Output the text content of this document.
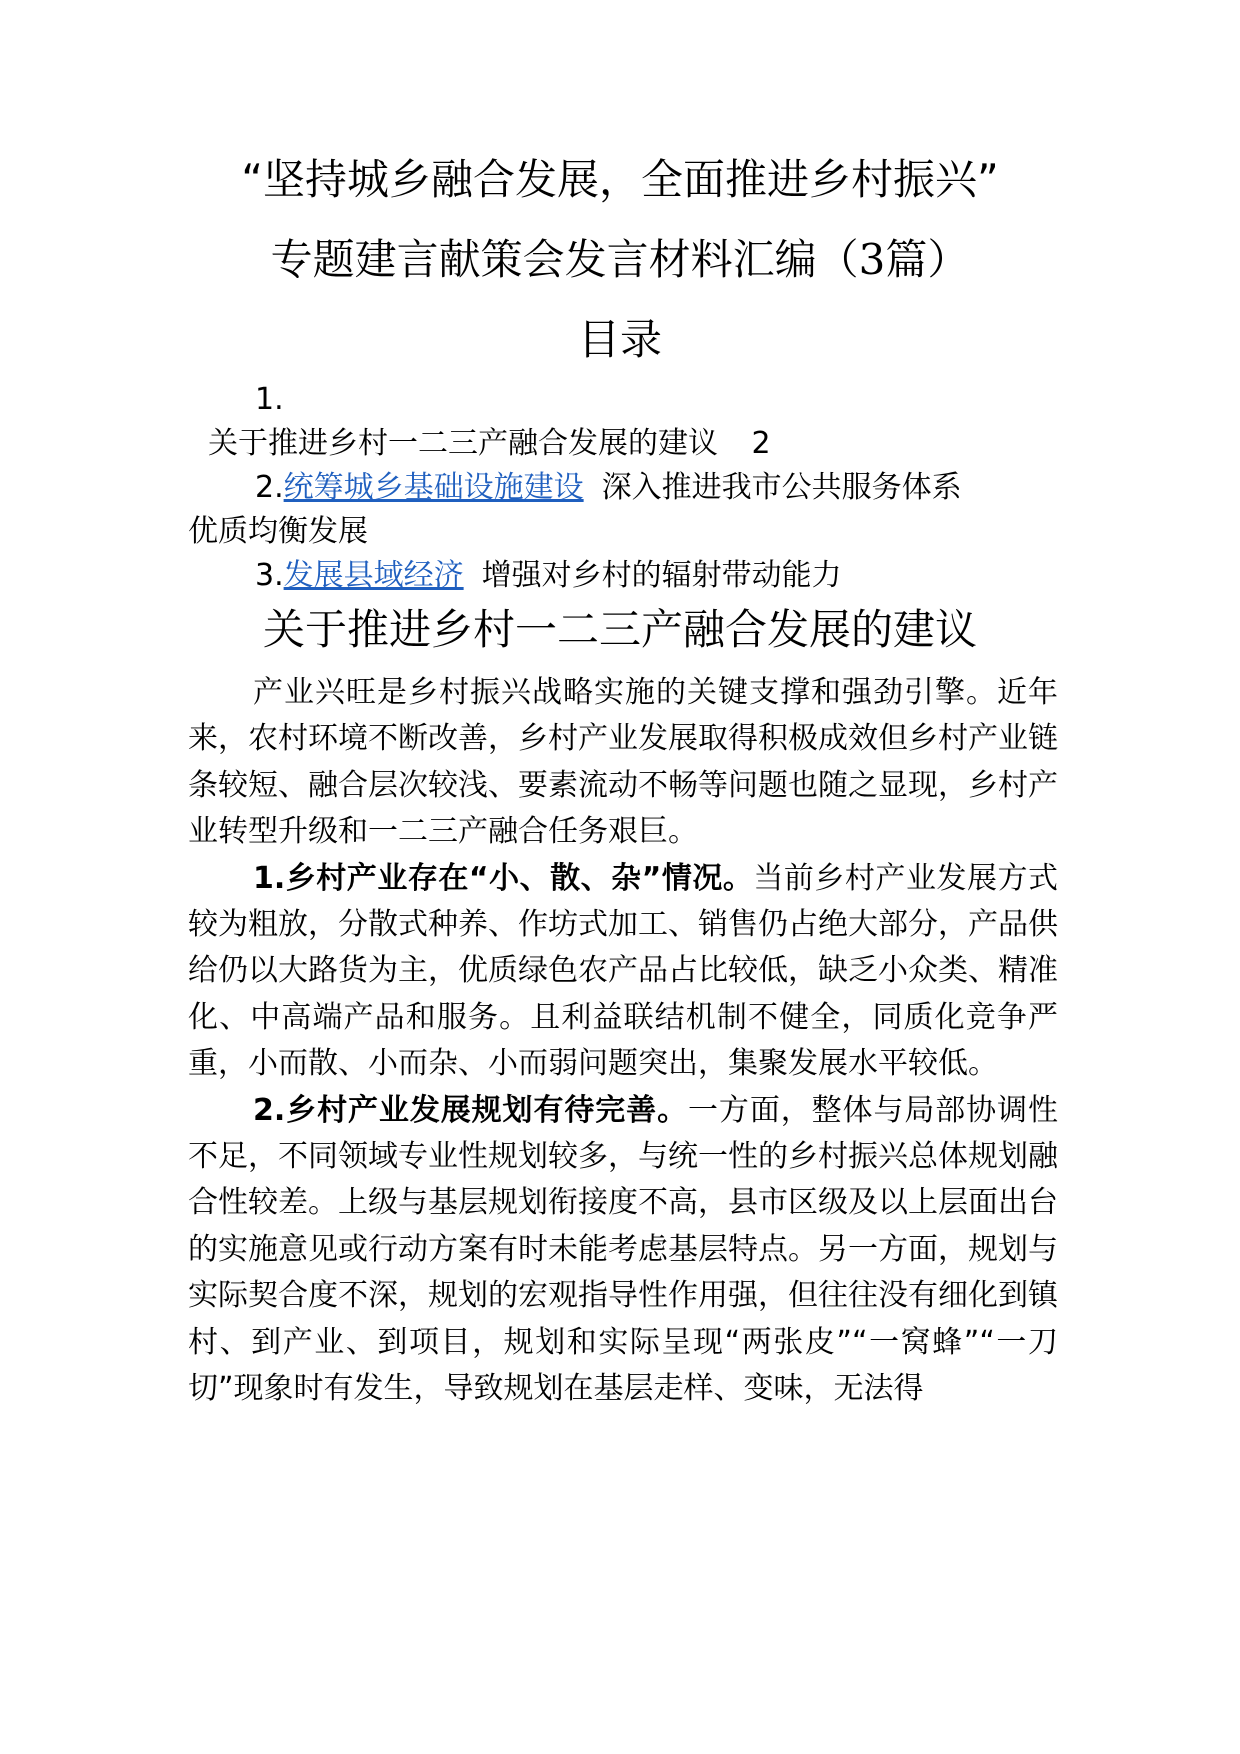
“坚持城乡融合发展，全面推进乡村振兴”
专题建言献策会发言材料汇编（3篇）
目录
1.
关于推进乡村一二三产融合发展的建议 2
2.统筹城乡基础设施建设 深入推进我市公共服务体系
优质均衡发展
3.发展县域经济 增强对乡村的辐射带动能力
关于推进乡村一二三产融合发展的建议

产业兴旺是乡村振兴战略实施的关键支撑和强劲引擎。近年来，农村环境不断改善，乡村产业发展取得积极成效但乡村产业链条较短、融合层次较浅、要素流动不畅等问题也随之显现，乡村产业转型升级和一二三产融合任务艰巨。

1.乡村产业存在“小、散、杂”情况。当前乡村产业发展方式较为粗放，分散式种养、作坊式加工、销售仍占绝大部分，产品供给仍以大路货为主，优质绿色农产品占比较低，缺乏小众类、精准化、中高端产品和服务。且利益联结机制不健全，同质化竞争严重，小而散、小而杂、小而弱问题突出，集聚发展水平较低。

2.乡村产业发展规划有待完善。一方面，整体与局部协调性不足，不同领域专业性规划较多，与统一性的乡村振兴总体规划融合性较差。上级与基层规划衔接度不高，县市区级及以上层面出台的实施意见或行动方案有时未能考虑基层特点。另一方面，规划与实际契合度不深，规划的宏观指导性作用强，但往往没有细化到镇村、到产业、到项目，规划和实际呈现“两张皮”“一窝蜂”“一刀切”现象时有发生，导致规划在基层走样、变味，无法得
